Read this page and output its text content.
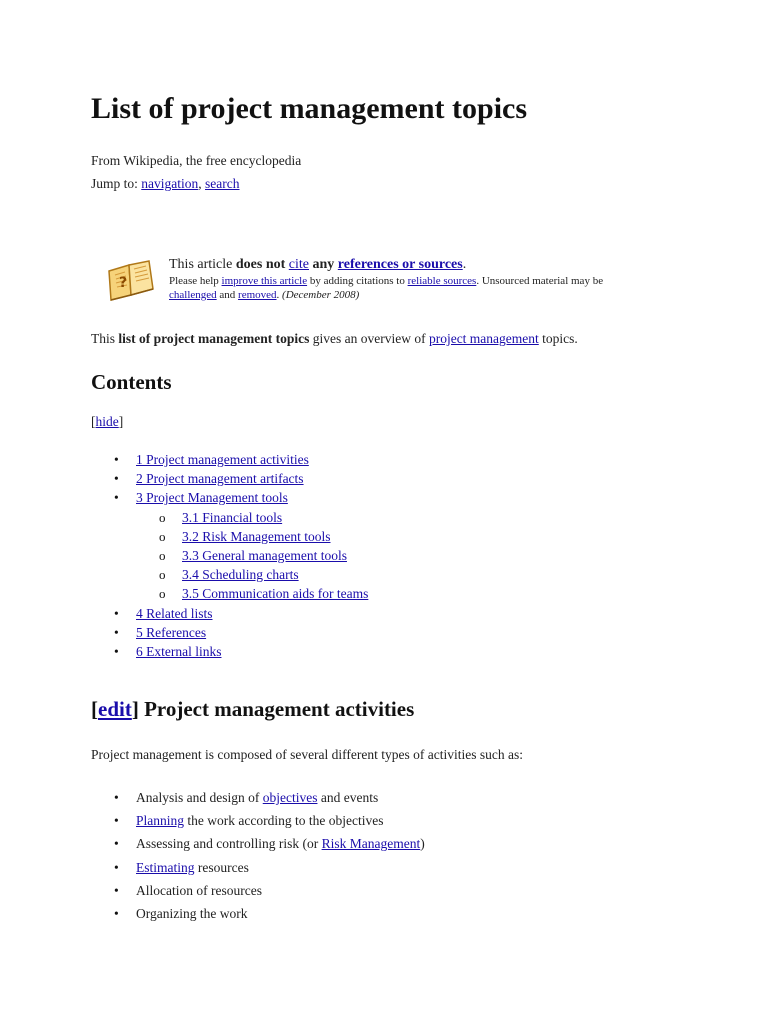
List of project management topics
From Wikipedia, the free encyclopedia
Jump to: navigation, search
?
This article does not cite any references or sources.
Please help improve this article by adding citations to reliable sources. Unsourced material may be
challenged and removed. (December 2008)
This list of project management topics gives an overview of project management topics.
Contents
[hide]
• 1 Project management activities
• 2 Project management artifacts
• 3 Project Management tools
o 3.1 Financial tools
o 3.2 Risk Management tools
o 3.3 General management tools
o 3.4 Scheduling charts
o 3.5 Communication aids for teams
• 4 Related lists
• 5 References
• 6 External links
[edit] Project management activities
Project management is composed of several different types of activities such as:
• Analysis and design of objectives and events
• Planning the work according to the objectives
• Assessing and controlling risk (or Risk Management)
• Estimating resources
• Allocation of resources
• Organizing the work
